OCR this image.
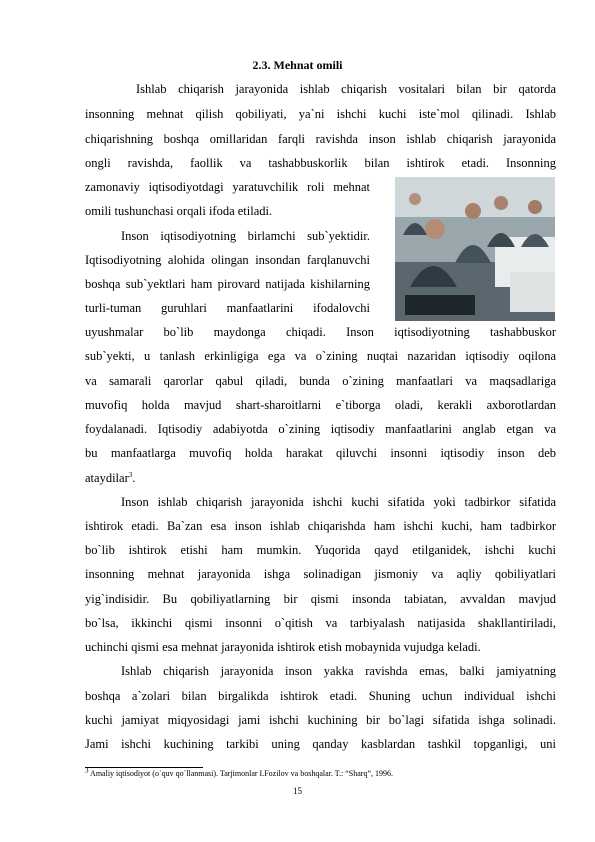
2.3. Mehnat omili
Ishlab chiqarish jarayonida ishlab chiqarish vositalari bilan bir qatorda
insonning mehnat qilish qobiliyati, ya`ni ishchi kuchi iste`mol qilinadi. Ishlab
chiqarishning boshqa omillaridan farqli ravishda inson ishlab chiqarish jarayonida
ongli ravishda, faollik va tashabbuskorlik bilan ishtirok etadi. Insonning
zamonaviy iqtisodiyotdagi yaratuvchilik roli mehnat
omili tushunchasi orqali ifoda etiladi.
Inson iqtisodiyotning birlamchi sub`yektidir.
Iqtisodiyotning alohida olingan insondan farqlanuvchi
boshqa sub`yektlari ham pirovard natijada kishilarning
turli-tuman guruhlari manfaatlarini ifodalovchi
uyushmalar bo`lib maydonga chiqadi. Inson iqtisodiyotning tashabbuskor
sub`yekti, u tanlash erkinligiga ega va o`zining nuqtai nazaridan iqtisodiy oqilona
va samarali qarorlar qabul qiladi, bunda o`zining manfaatlari va maqsadlariga
muvofiq holda mavjud shart-sharoitlarni e`tiborga oladi, kerakli axborotlardan
foydalanadi. Iqtisodiy adabiyotda o`zining iqtisodiy manfaatlarini anglab etgan va
bu manfaatlarga muvofiq holda harakat qiluvchi insonni iqtisodiy inson deb
ataydilar$^3$.
Inson ishlab chiqarish jarayonida ishchi kuchi sifatida yoki tadbirkor sifatida
ishtirok etadi. Ba`zan esa inson ishlab chiqarishda ham ishchi kuchi, ham tadbirkor
bo`lib ishtirok etishi ham mumkin. Yuqorida qayd etilganidek, ishchi kuchi
insonning mehnat jarayonida ishga solinadigan jismoniy va aqliy qobiliyatlari
yig`indisidir. Bu qobiliyatlarning bir qismi insonda tabiatan, avvaldan mavjud
bo`lsa, ikkinchi qismi insonni o`qitish va tarbiyalash natijasida shakllantiriladi,
uchinchi qismi esa mehnat jarayonida ishtirok etish mobaynida vujudga keladi.
Ishlab chiqarish jarayonida inson yakka ravishda emas, balki jamiyatning
boshqa a`zolari bilan birgalikda ishtirok etadi. Shuning uchun individual ishchi
kuchi jamiyat miqyosidagi jami ishchi kuchining bir bo`lagi sifatida ishga solinadi.
Jami ishchi kuchining tarkibi uning qanday kasblardan tashkil topganligi, uni
$^3$ Amaliy iqtisodiyot (o`quv qo`llanmasi). Tarjimonlar I.Fozilov va boshqalar. T.: “Sharq”, 1996.
15
